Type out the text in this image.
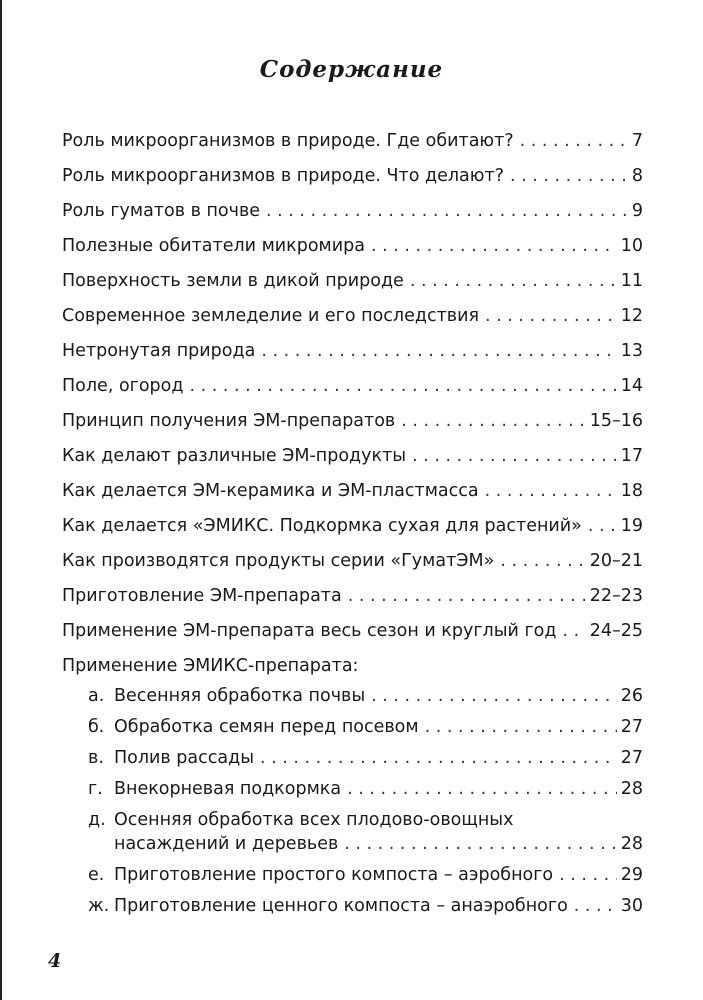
Содержание
Роль микроорганизмов в природе. Где обитают? . . .	7
Роль микроорганизмов в природе. Что делают? . . .	8
Роль гуматов в почве . . .	9
Полезные обитатели микромира . . .	10
Поверхность земли в дикой природе . . .	11
Современное земледелие и его последствия . . .	12
Нетронутая природа . . .	13
Поле, огород . . .	14
Принцип получения ЭМ-препаратов . . .	15–16
Как делают различные ЭМ-продукты . . .	17
Как делается ЭМ-керамика и ЭМ-пластмасса . . .	18
Как делается «ЭМИКС. Подкормка сухая для растений» . . . 19
Как производятся продукты серии «ГуматЭМ» . . .	20–21
Приготовление ЭМ-препарата . . .	22–23
Применение ЭМ-препарата весь сезон и круглый год . . . 24–25
Применение ЭМИКС-препарата:
а. Весенняя обработка почвы . . .	26
б. Обработка семян перед посевом . . .	27
в. Полив рассады . . .	27
г. Внекорневая подкормка . . .	28
д. Осенняя обработка всех плодово-овощных
насаждений и деревьев . . .	28
е. Приготовление простого компоста – аэробного . . .	29
ж. Приготовление ценного компоста – анаэробного . . .	30
4
